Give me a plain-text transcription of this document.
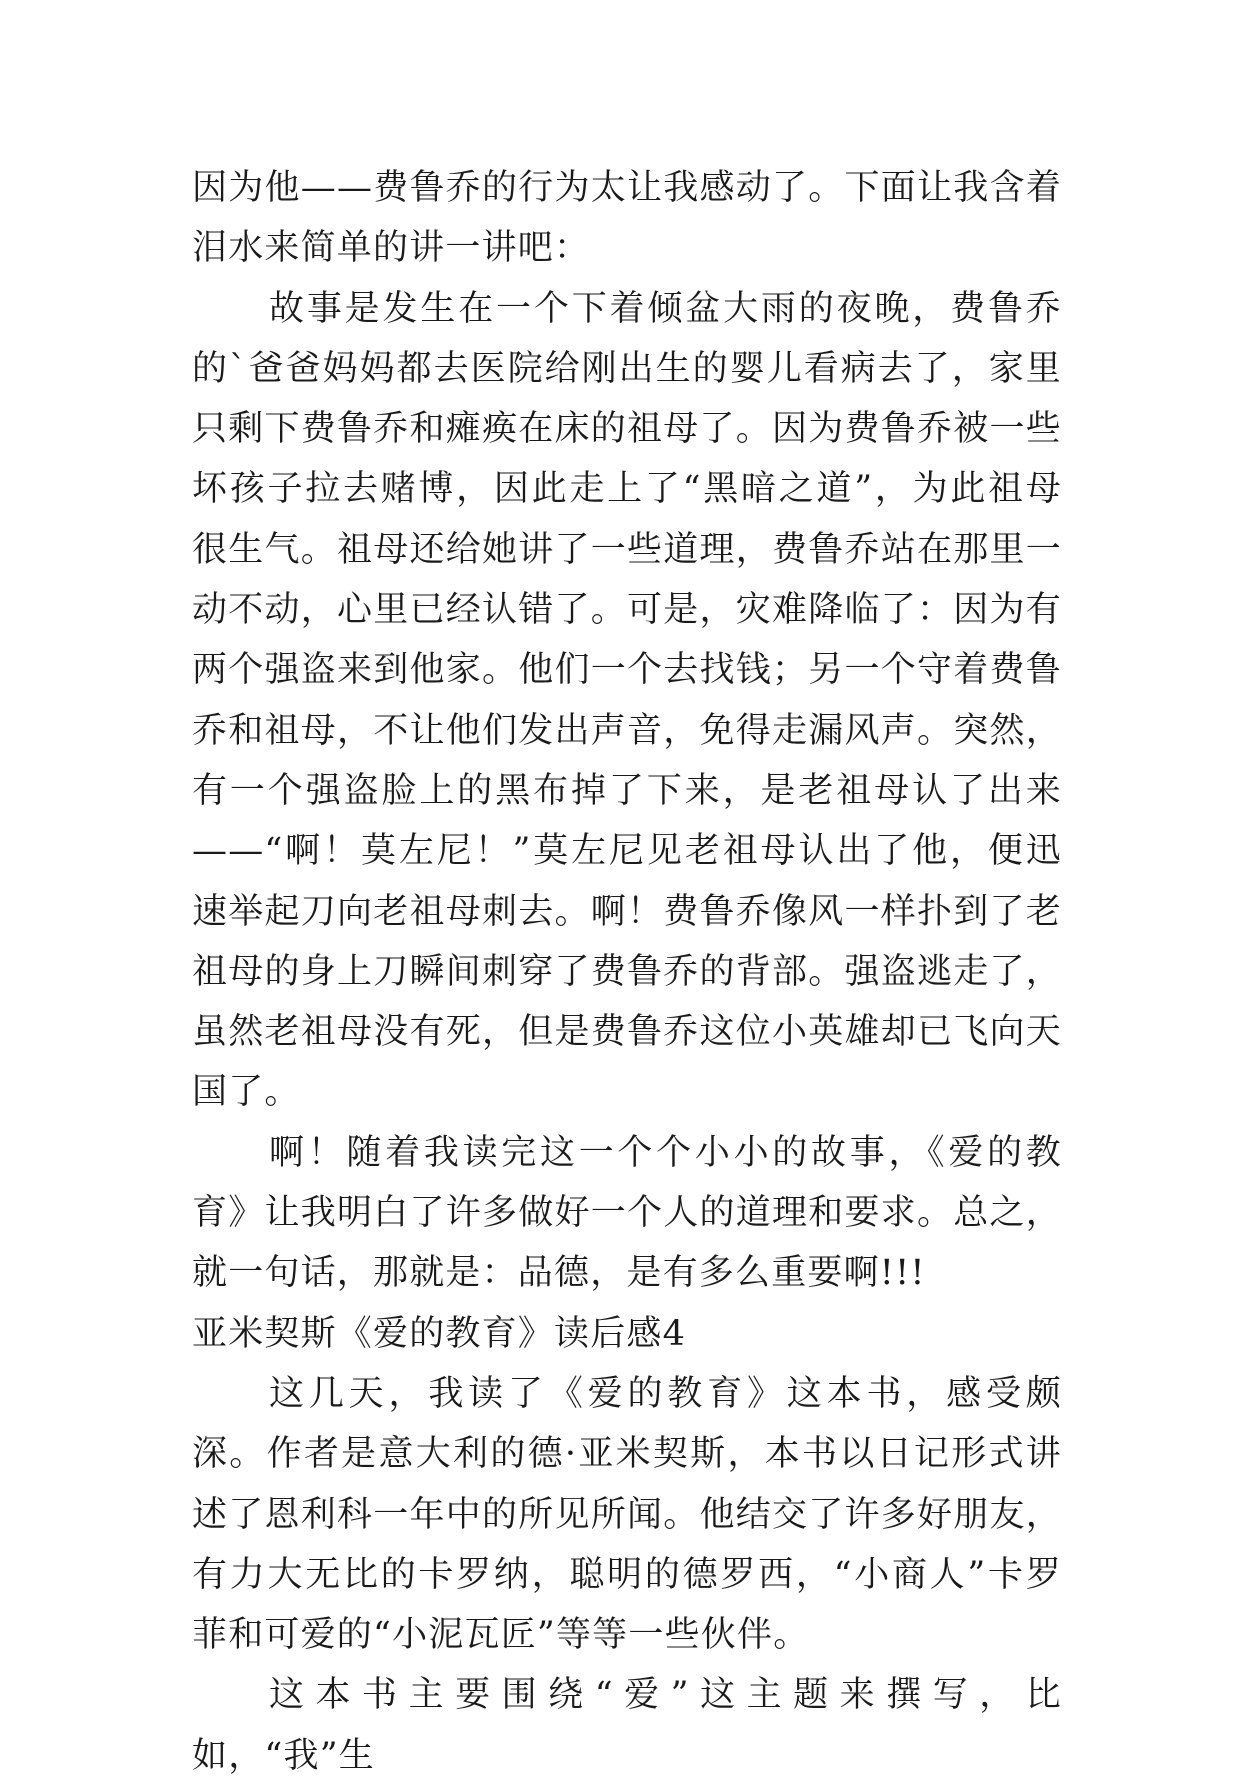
因为他——费鲁乔的行为太让我感动了。下面让我含着泪水来简单的讲一讲吧：

故事是发生在一个下着倾盆大雨的夜晚，费鲁乔的`爸爸妈妈都去医院给刚出生的婴儿看病去了，家里只剩下费鲁乔和瘫痪在床的祖母了。因为费鲁乔被一些坏孩子拉去赌博，因此走上了“黑暗之道”，为此祖母很生气。祖母还给她讲了一些道理，费鲁乔站在那里一动不动，心里已经认错了。可是，灾难降临了：因为有两个强盗来到他家。他们一个去找钱；另一个守着费鲁乔和祖母，不让他们发出声音，免得走漏风声。突然，有一个强盗脸上的黑布掉了下来，是老祖母认了出来——“啊！莫左尼！”莫左尼见老祖母认出了他，便迅速举起刀向老祖母刺去。啊！费鲁乔像风一样扑到了老祖母的身上刀瞬间刺穿了费鲁乔的背部。强盗逃走了，虽然老祖母没有死，但是费鲁乔这位小英雄却已飞向天国了。

啊！随着我读完这一个个小小的故事，《爱的教育》让我明白了许多做好一个人的道理和要求。总之，就一句话，那就是：品德，是有多么重要啊!!!

亚米契斯《爱的教育》读后感4

这几天，我读了《爱的教育》这本书，感受颇深。作者是意大利的德·亚米契斯，本书以日记形式讲述了恩利科一年中的所见所闻。他结交了许多好朋友，有力大无比的卡罗纳，聪明的德罗西，“小商人”卡罗菲和可爱的“小泥瓦匠”等等一些伙伴。

这本书主要围绕“爱”这主题来撰写，比如，“我”生
